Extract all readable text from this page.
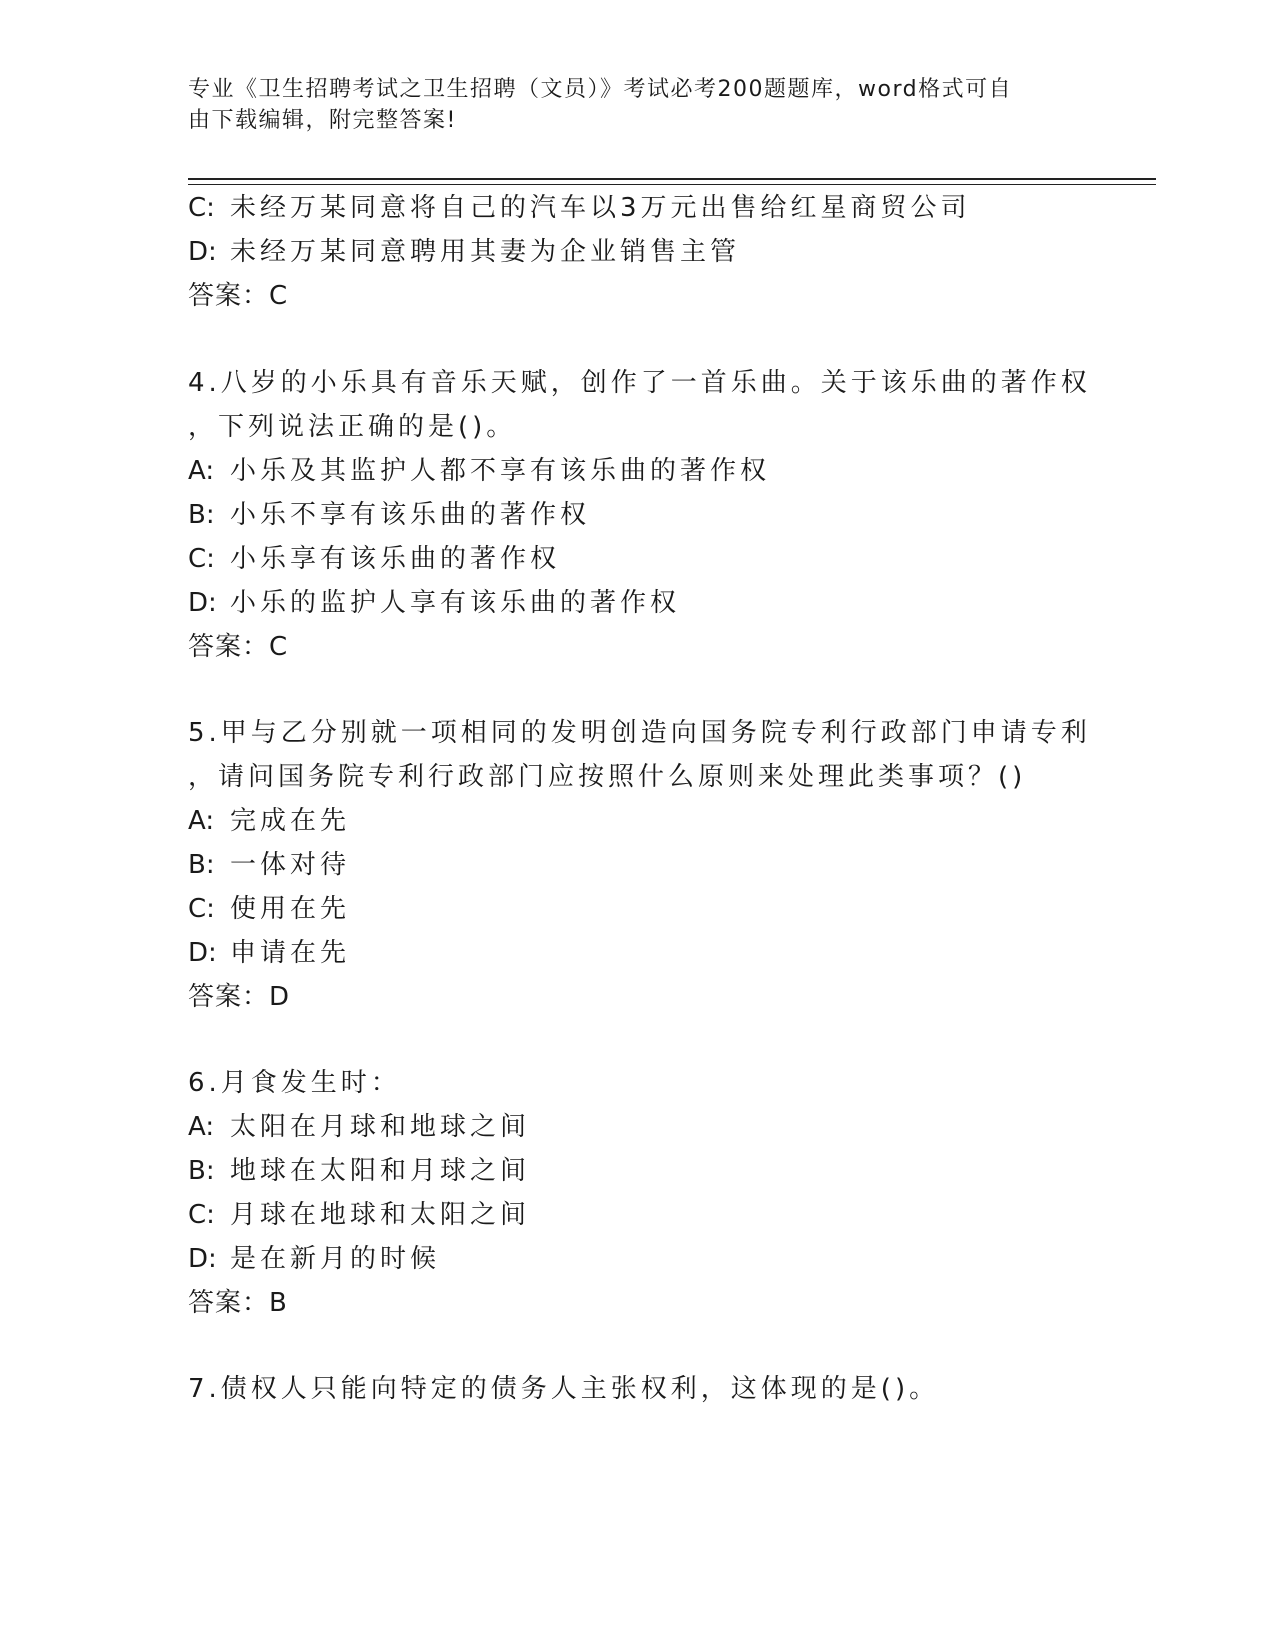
专业《卫生招聘考试之卫生招聘（文员）》考试必考200题题库，word格式可自
由下载编辑，附完整答案!
C: 未经万某同意将自己的汽车以3万元出售给红星商贸公司
D: 未经万某同意聘用其妻为企业销售主管
答案：C
4.八岁的小乐具有音乐天赋，创作了一首乐曲。关于该乐曲的著作权
，下列说法正确的是()。
A: 小乐及其监护人都不享有该乐曲的著作权
B: 小乐不享有该乐曲的著作权
C: 小乐享有该乐曲的著作权
D: 小乐的监护人享有该乐曲的著作权
答案：C
5.甲与乙分别就一项相同的发明创造向国务院专利行政部门申请专利
，请问国务院专利行政部门应按照什么原则来处理此类事项？()
A: 完成在先
B: 一体对待
C: 使用在先
D: 申请在先
答案：D
6.月食发生时：
A: 太阳在月球和地球之间
B: 地球在太阳和月球之间
C: 月球在地球和太阳之间
D: 是在新月的时候
答案：B
7.债权人只能向特定的债务人主张权利，这体现的是()。
